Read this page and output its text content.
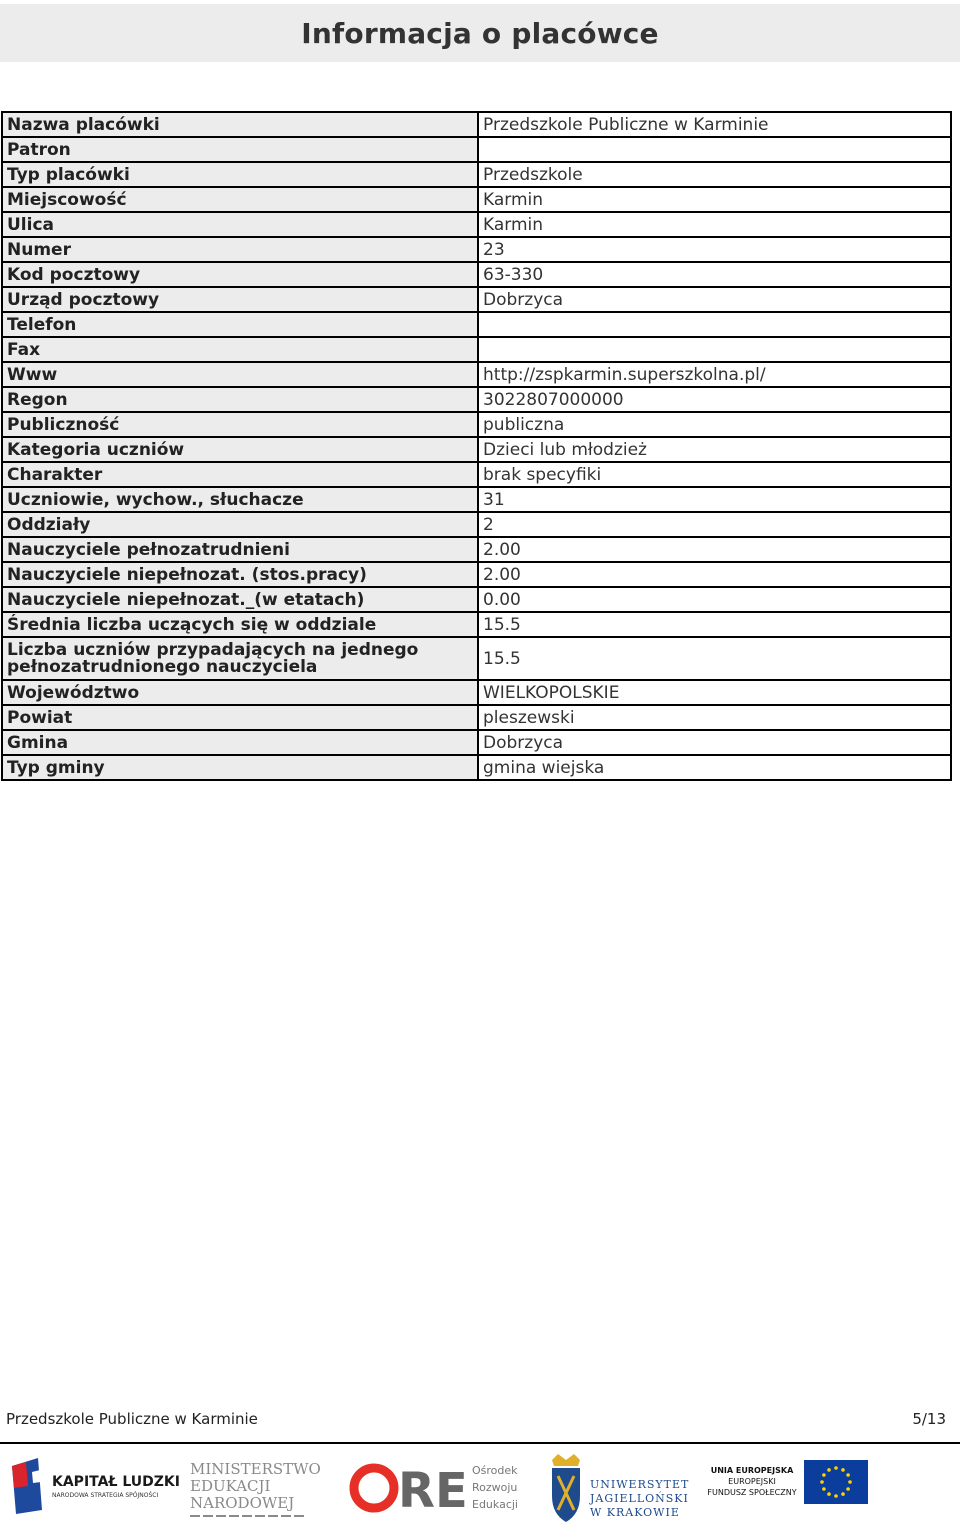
Informacja o placówce
Nazwa placówki	Przedszkole Publiczne w Karminie
Patron	
Typ placówki	Przedszkole
Miejscowość	Karmin
Ulica	Karmin
Numer	23
Kod pocztowy	63-330
Urząd pocztowy	Dobrzyca
Telefon	
Fax	
Www	http://zspkarmin.superszkolna.pl/
Regon	3022807000000
Publiczność	publiczna
Kategoria uczniów	Dzieci lub młodzież
Charakter	brak specyfiki
Uczniowie, wychow., słuchacze	31
Oddziały	2
Nauczyciele pełnozatrudnieni	2.00
Nauczyciele niepełnozat. (stos.pracy)	2.00
Nauczyciele niepełnozat._(w etatach)	0.00
Średnia liczba uczących się w oddziale	15.5
Liczba uczniów przypadających na jednego pełnozatrudnionego nauczyciela	15.5
Województwo	WIELKOPOLSKIE
Powiat	pleszewski
Gmina	Dobrzyca
Typ gminy	gmina wiejska
Przedszkole Publiczne w Karminie	5/13
KAPITAŁ LUDZKI
NARODOWA STRATEGIA SPÓJNOŚCI
MINISTERSTWO
EDUKACJI
NARODOWEJ RE Ośrodek
Rozwoju
Edukacji
UNIWERSYTET
JAGIELLOŃSKI
W KRAKOWIE
UNIA EUROPEJSKA
EUROPEJSKI
FUNDUSZ SPOŁECZNY
